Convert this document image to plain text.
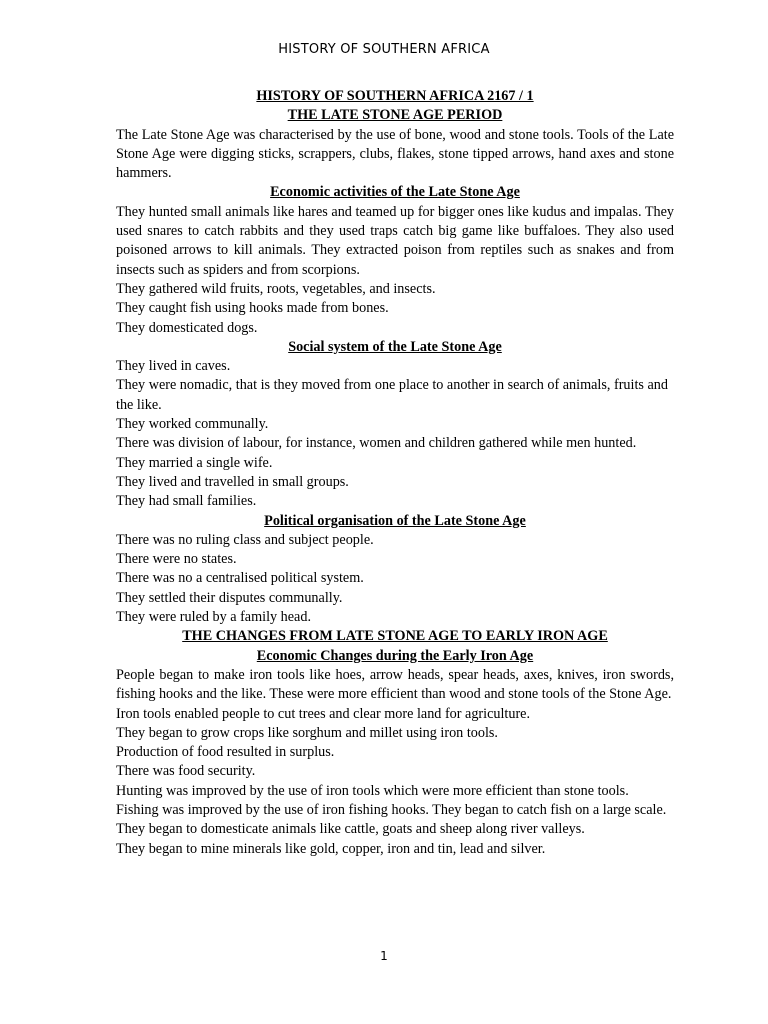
HISTORY OF SOUTHERN AFRICA

HISTORY OF SOUTHERN AFRICA 2167 / 1

THE LATE STONE AGE PERIOD

The Late Stone Age was characterised by the use of bone, wood and stone tools. Tools of the Late Stone Age were digging sticks, scrappers, clubs, flakes, stone tipped arrows, hand axes and stone hammers.

Economic activities of the Late Stone Age

They hunted small animals like hares and teamed up for bigger ones like kudus and impalas. They used snares to catch rabbits and they used traps catch big game like buffaloes. They also used poisoned arrows to kill animals. They extracted poison from reptiles such as snakes and from insects such as spiders and from scorpions.

They gathered wild fruits, roots, vegetables, and insects.

They caught fish using hooks made from bones.

They domesticated dogs.

Social system of the Late Stone Age

They lived in caves.

They were nomadic, that is they moved from one place to another in search of animals, fruits and the like.

They worked communally.

There was division of labour, for instance, women and children gathered while men hunted.

They married a single wife.

They lived and travelled in small groups.

They had small families.

Political organisation of the Late Stone Age

There was no ruling class and subject people.

There were no states.

There was no a centralised political system.

They settled their disputes communally.

They were ruled by a family head.

THE CHANGES FROM LATE STONE AGE TO EARLY IRON AGE

Economic Changes during the Early Iron Age

People began to make iron tools like hoes, arrow heads, spear heads, axes, knives, iron swords, fishing hooks and the like. These were more efficient than wood and stone tools of the Stone Age.

Iron tools enabled people to cut trees and clear more land for agriculture.

They began to grow crops like sorghum and millet using iron tools.

Production of food resulted in surplus.

There was food security.

Hunting was improved by the use of iron tools which were more efficient than stone tools.

Fishing was improved by the use of iron fishing hooks. They began to catch fish on a large scale.

They began to domesticate animals like cattle, goats and sheep along river valleys.

They began to mine minerals like gold, copper, iron and tin, lead and silver.

1
